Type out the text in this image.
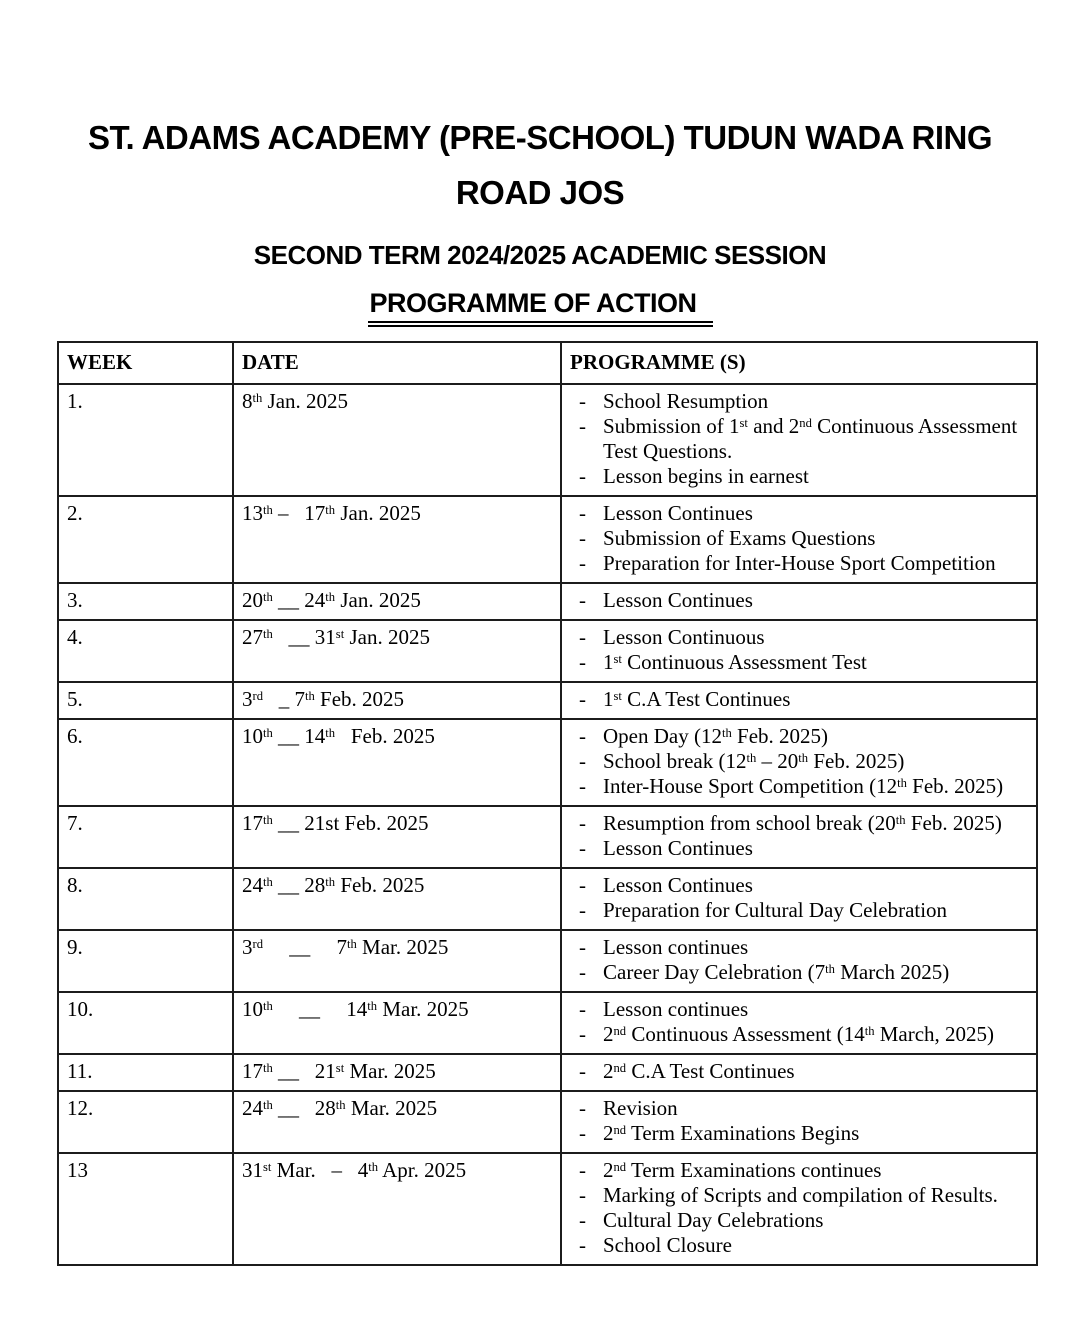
ST. ADAMS ACADEMY (PRE-SCHOOL) TUDUN WADA RING
ROAD JOS
SECOND TERM 2024/2025 ACADEMIC SESSION
PROGRAMME OF ACTION
WEEK	DATE	PROGRAMME (S)
1.	8th Jan. 2025	- School Resumption
- Submission of 1st and 2nd Continuous Assessment Test Questions.
- Lesson begins in earnest

2.	13th –   17th Jan. 2025	- Lesson Continues
- Submission of Exams Questions
- Preparation for Inter-House Sport Competition

3.	20th __ 24th Jan. 2025	- Lesson Continues

4.	27th   __ 31st Jan. 2025	- Lesson Continuous
- 1st Continuous Assessment Test

5.	3rd   _ 7th Feb. 2025	- 1st C.A Test Continues

6.	10th __ 14th   Feb. 2025	- Open Day (12th Feb. 2025)
- School break (12th – 20th Feb. 2025)
- Inter-House Sport Competition (12th Feb. 2025)

7.	17th __ 21st Feb. 2025	- Resumption from school break (20th Feb. 2025)
- Lesson Continues

8.	24th __ 28th Feb. 2025	- Lesson Continues
- Preparation for Cultural Day Celebration

9.	3rd     __     7th Mar. 2025	- Lesson continues
- Career Day Celebration (7th March 2025)

10.	10th     __     14th Mar. 2025	- Lesson continues
- 2nd Continuous Assessment (14th March, 2025)

11.	17th __   21st Mar. 2025	- 2nd C.A Test Continues

12.	24th __   28th Mar. 2025	- Revision
- 2nd Term Examinations Begins

13	31st Mar.   –   4th Apr. 2025	- 2nd Term Examinations continues
- Marking of Scripts and compilation of Results.
- Cultural Day Celebrations
- School Closure
